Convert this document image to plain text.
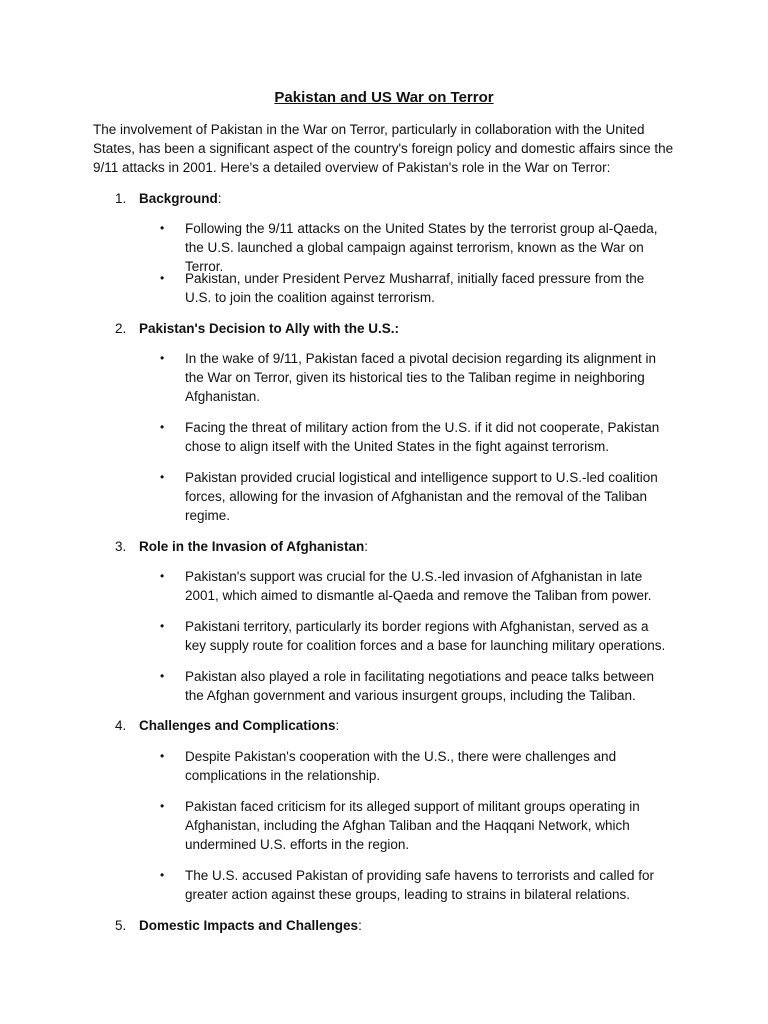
Pakistan and US War on Terror
The involvement of Pakistan in the War on Terror, particularly in collaboration with the United States, has been a significant aspect of the country's foreign policy and domestic affairs since the 9/11 attacks in 2001. Here's a detailed overview of Pakistan's role in the War on Terror:
1. Background:
•	Following the 9/11 attacks on the United States by the terrorist group al-Qaeda, the U.S. launched a global campaign against terrorism, known as the War on Terror.
•	Pakistan, under President Pervez Musharraf, initially faced pressure from the U.S. to join the coalition against terrorism.
2. Pakistan's Decision to Ally with the U.S.:
•	In the wake of 9/11, Pakistan faced a pivotal decision regarding its alignment in the War on Terror, given its historical ties to the Taliban regime in neighboring Afghanistan.
•	Facing the threat of military action from the U.S. if it did not cooperate, Pakistan chose to align itself with the United States in the fight against terrorism.
•	Pakistan provided crucial logistical and intelligence support to U.S.-led coalition forces, allowing for the invasion of Afghanistan and the removal of the Taliban regime.
3. Role in the Invasion of Afghanistan:
•	Pakistan's support was crucial for the U.S.-led invasion of Afghanistan in late 2001, which aimed to dismantle al-Qaeda and remove the Taliban from power.
•	Pakistani territory, particularly its border regions with Afghanistan, served as a key supply route for coalition forces and a base for launching military operations.
•	Pakistan also played a role in facilitating negotiations and peace talks between the Afghan government and various insurgent groups, including the Taliban.
4. Challenges and Complications:
•	Despite Pakistan's cooperation with the U.S., there were challenges and complications in the relationship.
•	Pakistan faced criticism for its alleged support of militant groups operating in Afghanistan, including the Afghan Taliban and the Haqqani Network, which undermined U.S. efforts in the region.
•	The U.S. accused Pakistan of providing safe havens to terrorists and called for greater action against these groups, leading to strains in bilateral relations.
5. Domestic Impacts and Challenges:
